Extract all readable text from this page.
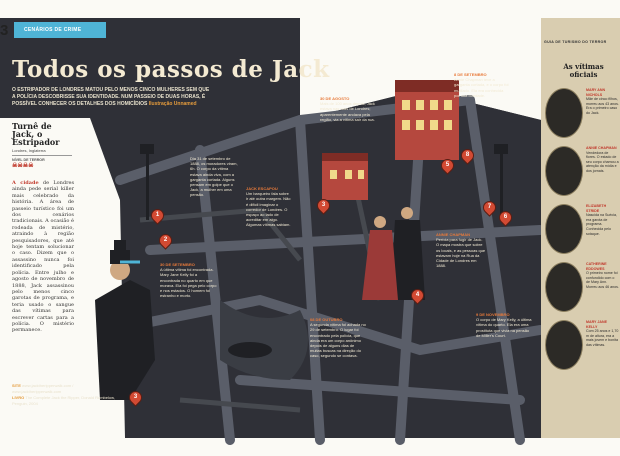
3	CENÁRIOS DE CRIME
Todos os passos de Jack
O ESTRIPADOR DE LONDRES MATOU PELO MENOS CINCO MULHERES SEM QUE A POLÍCIA DESCOBRISSE SUA IDENTIDADE. NUM PASSEIO DE DUAS HORAS, É POSSÍVEL CONHECER OS DETALHES DOS HOMICÍDIOS Ilustração Unnamed
Turnê de Jack, o Estripador
Londres, Inglaterra
NÍVEL DE TERROR
☠☠☠☠
A cidade de Londres ainda pede serial killer mais celebrado da história. A área de passeio turístico foi um dos cenários tradicionais. A ocasião é rodeada de mistério, atraindo à região pesquisadores, que até hoje tentam solucionar o caso. Dizem que o assassino nunca foi identificado pela polícia. Entre julho e agosto de novembro de 1888, Jack assassinou pelo menos cinco garotas de programa, e teria usado o sangue das vítimas para escrever cartas para a polícia. O mistério permanece.
SITE www.jacktheripperwalk.com / www.jacktheripperwalk.com
LIVRO The Complete Jack the Ripper, Donald Rumbelow, Penguin, 2004
Dia 31 de setembro de 1888, os moradores viram, 6h. O corpo da vítima estava ainda viva, com a garganta cortada. Alguns pensam em golpe que o Jack, a mulher em uma pensão.
JACK ESCAPOU
Um barqueiro fala sobre ir até outra margem. Não é difícil imaginar o corredor de Londres. O espaço ao lado de acreditar em algo. Algumas vítimas sabiam.
30 DE AGOSTO
Mais de 100 anos depois, Jack estava nas ruas de Londres; aparentemente andava pela região, via a vítima sair da rua.
30 DE SETEMBRO
A última vítima foi encontrada. Mary Jane Kelly foi a encontrada no quarto em que morava. Ela foi pega pelo corpo e nos estados. O homem foi estranho e morto.
08 DE OUTUBRO
A segunda vítima foi achada no 29 de setembro. O lugar foi encontrado pela polícia, que ainda era um corpo anônimo depois de alguns dias de muitas buscas na direção do caso, segundo se contava.
ANNIE CHAPMAN
Perícia para fugir de Jack. O mapa mostra que sobre os locais, e as pessoas que estavam hoje na Rua da Cidade de Londres em 1888.
8 DE SETEMBRO
Annie Chapman teve a garganta cortada, e o corpo foi mutilado. Ela era conhecida por sua bondade.
9 DE NOVEMBRO
O corpo de Mary Kelly, a última vítima do quarto. Ela era uma prostituta que vivia na pensão de Miller's Court.
1
3
2
3
4
5
8
7
6
GUIA DE TURISMO DO TERROR
As vítimas oficiais
MARY ANN NICHOLS
Mãe de cinco filhos, morreu aos 43 anos. Era o primeiro caso do Jack.
ANNIE CHAPMAN
Vendedora de flores. O estado de seu corpo chamou a atenção da mídia e dos jornais.
ELIZABETH STRIDE
Nascida na Suécia, era garota de programa. Conhecida pelo sotaque.
CATHERINE EDDOWES
O primeiro nome foi confundido com o de Mary Ann. Morreu aos 46 anos.
MARY JANE KELLY
Com 25 anos e 1,70 m de altura, era a mais jovem e bonita das vítimas.
